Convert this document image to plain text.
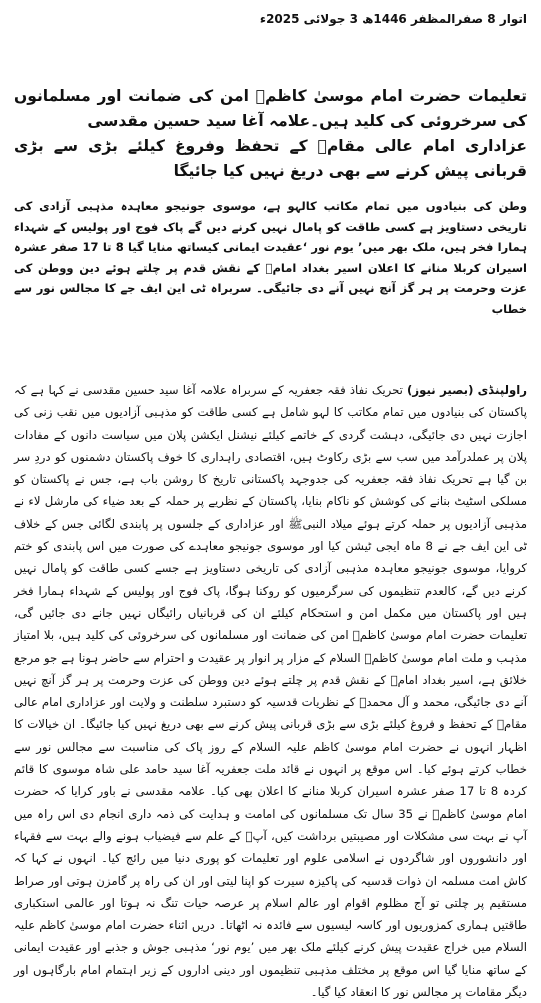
اتوار 8 صفرالمظفر 1446ھ 3 جولائی 2025ء

تعلیمات حضرت امام موسیٰ کاظمؑ امن کی ضمانت اور مسلمانوں کی سرخروئی کی کلید ہیں۔علامہ آغا سید حسین مقدسی

عزاداری امام عالی مقامؑ کے تحفظ وفروغ کیلئے بڑی سے بڑی قربانی پیش کرنے سے بھی دریغ نہیں کیا جائیگا

وطن کی بنیادوں میں تمام مکاتب کالہو ہے، موسوی جونیجو معاہدہ مذہبی آزادی کی تاریخی دستاویز ہے کسی طاقت کو پامال نہیں کرنے دیں گے پاک فوج اور پولیس کے شہداء ہمارا فخر ہیں، ملک بھر میں’ یوم نور ‘عقیدت ایمانی کیساتھ منایا گیا 8 تا 17 صفر عشرہ اسیران کربلا منانے کا اعلان اسیر بغداد امامؑ کے نقش قدم پر چلتے ہوئے دین ووطن کی عزت وحرمت پر ہر گز آنچ نہیں آنے دی جائیگی۔ سربراہ ٹی این ایف جے کا مجالس نور سے خطاب

راولپنڈی (بصیر نیوز) تحریک نفاذ فقہ جعفریہ کے سربراہ علامہ آغا سید حسین مقدسی نے کہا ہے کہ پاکستان کی بنیادوں میں تمام مکاتب کا لہو شامل ہے کسی طاقت کو مذہبی آزادیوں میں نقب زنی کی اجازت نہیں دی جائیگی، دہشت گردی کے خاتمے کیلئے نیشنل ایکشن پلان میں سیاست دانوں کے مفادات پلان پر عملدرآمد میں سب سے بڑی رکاوٹ ہیں، اقتصادی راہداری کا خوف پاکستان دشمنوں کو دردِ سر بن گیا ہے تحریک نفاذ فقہ جعفریہ کی جدوجہد پاکستانی تاریخ کا روشن باب ہے، جس نے پاکستان کو مسلکی اسٹیٹ بنانے کی کوشش کو ناکام بنایا، پاکستان کے نظریے پر حملہ کے بعد ضیاء کی مارشل لاء نے مذہبی آزادیوں پر حملہ کرتے ہوئے میلاد النبیﷺ اور عزاداری کے جلسوں پر پابندی لگائی جس کے خلاف ٹی این ایف جے نے 8 ماہ ایجی ٹیشن کیا اور موسوی جونیجو معاہدے کی صورت میں اس پابندی کو ختم کروایا، موسوی جونیجو معاہدہ مذہبی آزادی کی تاریخی دستاویز ہے جسے کسی طاقت کو پامال نہیں کرنے دیں گے، کالعدم تنظیموں کی سرگرمیوں کو روکنا ہوگا، پاک فوج اور پولیس کے شہداء ہمارا فخر ہیں اور پاکستان میں مکمل امن و استحکام کیلئے ان کی قربانیاں رائیگاں نہیں جانے دی جائیں گی، تعلیمات حضرت امام موسیٰ کاظمؑ امن کی ضمانت اور مسلمانوں کی سرخروئی کی کلید ہیں، بلا امتیاز مذہب و ملت امام موسیٰ کاظمؑ السلام کے مزار پر انوار پر عقیدت و احترام سے حاضر ہونا ہے جو مرجع خلائق ہے، اسیر بغداد امامؑ کے نقش قدم پر چلتے ہوئے دین ووطن کی عزت وحرمت پر ہر گز آنچ نہیں آنے دی جائیگی، محمد و آل محمدؐ کے نظریات قدسیہ کو دستبرد سلطنت و ولایت اور عزاداری امام عالی مقامؑ کے تحفظ و فروغ کیلئے بڑی سے بڑی قربانی پیش کرنے سے بھی دریغ نہیں کیا جائیگا۔ ان خیالات کا اظہار انہوں نے حضرت امام موسیٰ کاظم علیہ السلام کے روز پاک کی مناسبت سے مجالس نور سے خطاب کرتے ہوئے کیا۔ اس موقع پر انہوں نے قائد ملت جعفریہ آغا سید حامد علی شاہ موسوی کا قائم کردہ 8 تا 17 صفر عشرہ اسیران کربلا منانے کا اعلان بھی کیا۔ علامہ مقدسی نے باور کرایا کہ حضرت امام موسیٰ کاظمؑ نے 35 سال تک مسلمانوں کی امامت و ہدایت کی ذمہ داری انجام دی اس راہ میں آپ نے بہت سی مشکلات اور مصیبتیں برداشت کیں، آپؑ کے علم سے فیضیاب ہونے والے بہت سے فقہاء اور دانشوروں اور شاگردوں نے اسلامی علوم اور تعلیمات کو پوری دنیا میں رائج کیا۔ انہوں نے کہا کہ کاش امت مسلمہ ان ذوات قدسیہ کی پاکیزہ سیرت کو اپنا لیتی اور ان کی راہ پر گامزن ہوتی اور صراط مستقیم پر چلتی تو آج مظلوم اقوام اور عالم اسلام پر عرصہ حیات تنگ نہ ہوتا اور عالمی استکباری طاقتیں ہماری کمزوریوں اور کاسہ لیسیوں سے فائدہ نہ اٹھاتا۔ دریں اثناء حضرت امام موسیٰ کاظم علیہ السلام میں خراج عقیدت پیش کرنے کیلئے ملک بھر میں ’یوم نور‘ مذہبی جوش و جذبے اور عقیدت ایمانی کے ساتھ منایا گیا اس موقع پر مختلف مذہبی تنظیموں اور دینی اداروں کے زیر اہتمام امام بارگاہوں اور دیگر مقامات پر مجالس نور کا انعقاد کیا گیا۔
